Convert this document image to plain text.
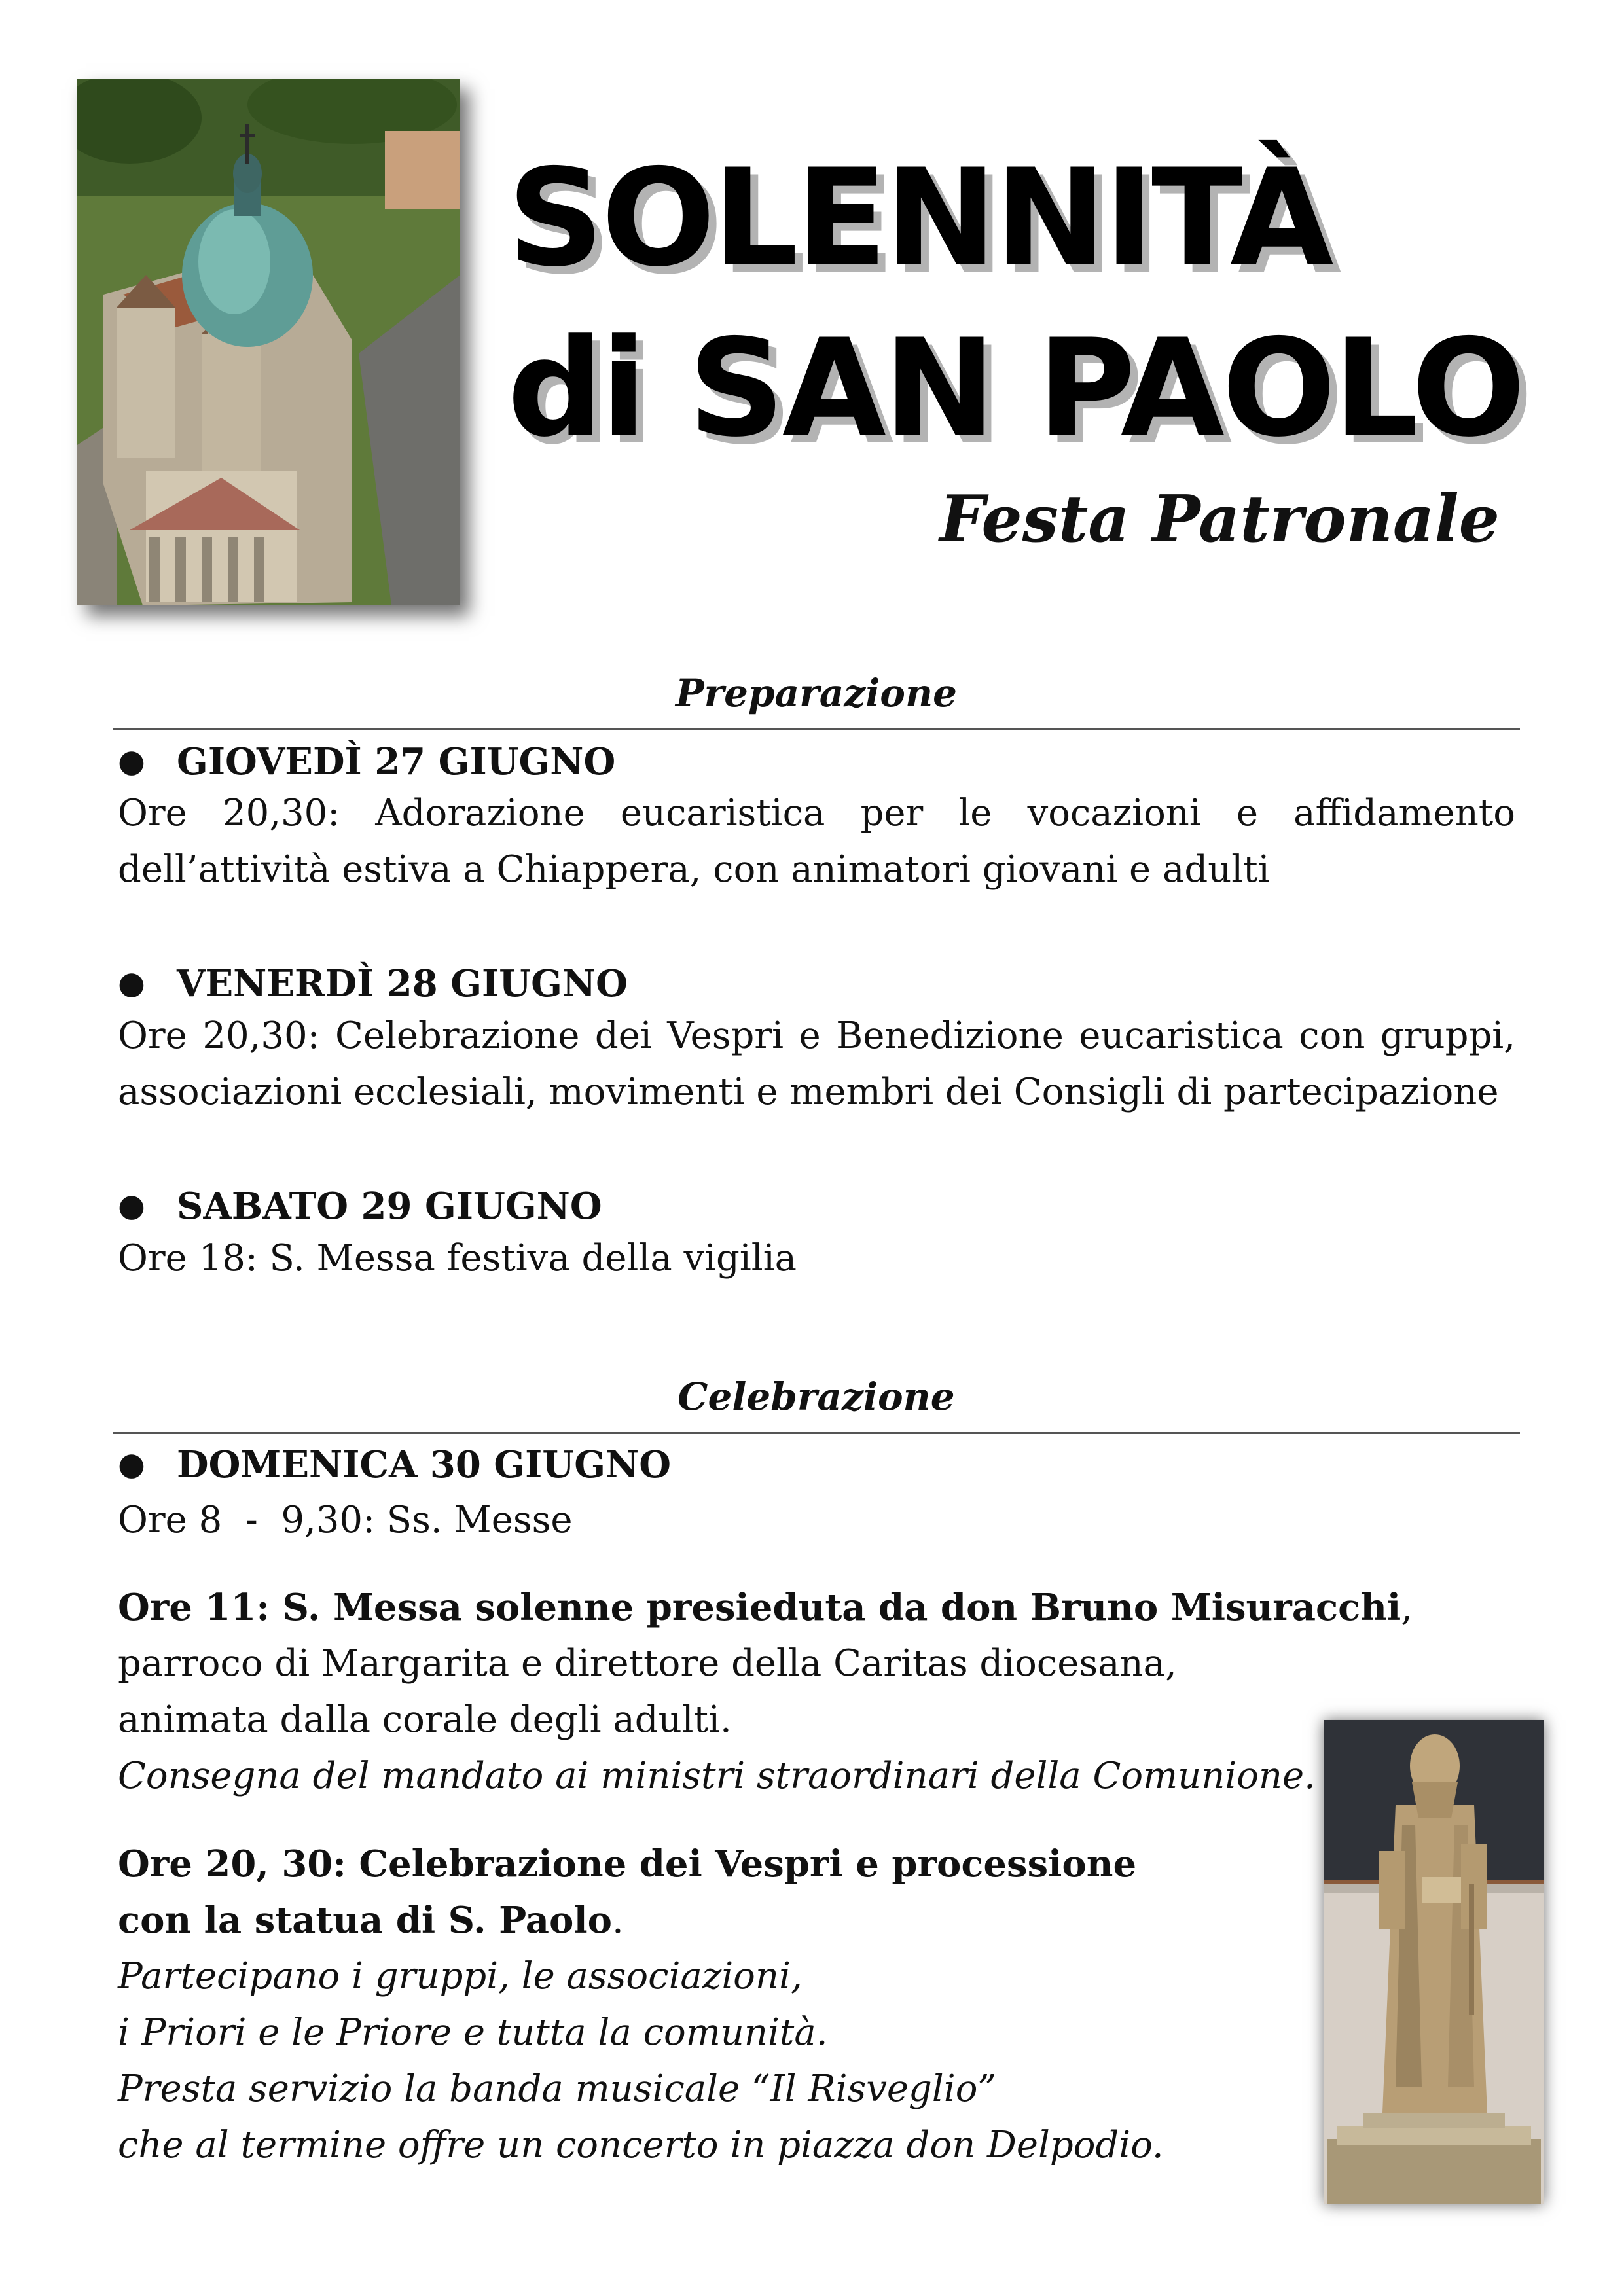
SOLENNITÀ
di SAN PAOLO

Festa Patronale

Preparazione

● GIOVEDÌ 27 GIUGNO

Ore 20,30: Adorazione eucaristica per le vocazioni e affidamento dell’attività estiva a Chiappera, con animatori giovani e adulti

● VENERDÌ 28 GIUGNO

Ore 20,30: Celebrazione dei Vespri e Benedizione eucaristica con gruppi, associazioni ecclesiali, movimenti e membri dei Consigli di partecipazione

● SABATO 29 GIUGNO

Ore 18: S. Messa festiva della vigilia

Celebrazione

● DOMENICA 30 GIUGNO

Ore 8  -  9,30: Ss. Messe

Ore 11: S. Messa solenne presieduta da don Bruno Misuracchi,

parroco di Margarita e direttore della Caritas diocesana,

animata dalla corale degli adulti.

Consegna del mandato ai ministri straordinari della Comunione.

Ore 20, 30: Celebrazione dei Vespri e processione

con la statua di S. Paolo.

Partecipano i gruppi, le associazioni,

i Priori e le Priore e tutta la comunità.

Presta servizio la banda musicale “Il Risveglio”

che al termine offre un concerto in piazza don Delpodio.
